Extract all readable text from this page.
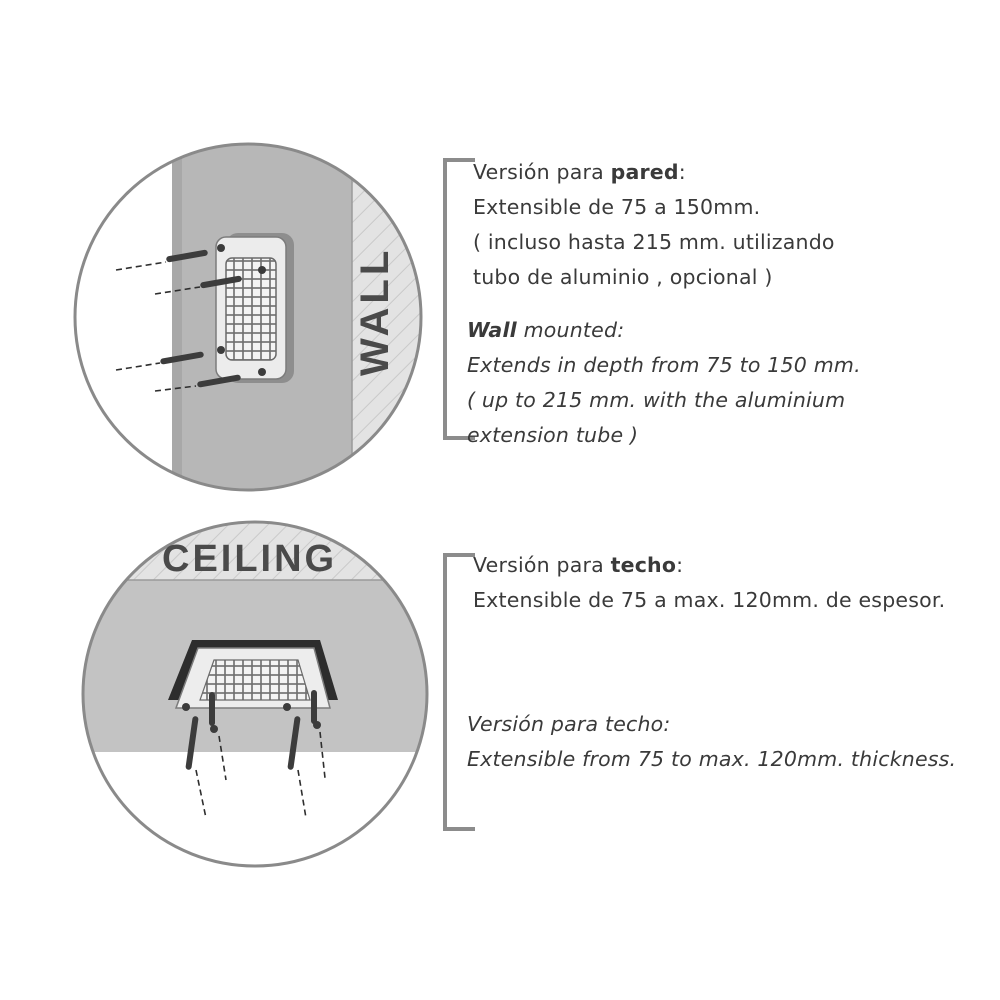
WALL
CEILING
Versión para pared:
Extensible de 75 a 150mm.
( incluso hasta 215 mm. utilizando
tubo de aluminio , opcional )
Wall mounted:
Extends in depth from 75 to 150 mm.
( up to 215 mm. with the aluminium
extension tube )
Versión para techo:
Extensible de 75 a max. 120mm. de espesor.
Versión para techo:
Extensible from 75 to max. 120mm. thickness.
